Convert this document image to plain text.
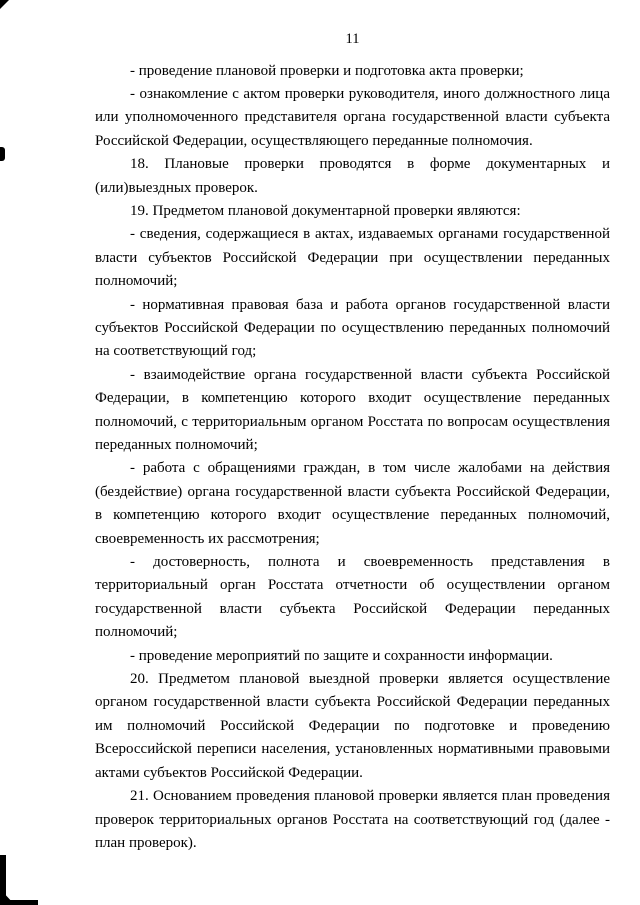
11

- проведение плановой проверки и подготовка акта проверки;

- ознакомление с актом проверки руководителя, иного должностного лица или уполномоченного представителя органа государственной власти субъекта Российской Федерации, осуществляющего переданные полномочия.

18. Плановые проверки проводятся в форме документарных и (или)выездных проверок.

19. Предметом плановой документарной проверки являются:

- сведения, содержащиеся в актах, издаваемых органами государственной власти субъектов Российской Федерации при осуществлении переданных полномочий;

- нормативная правовая база и работа органов государственной власти субъектов Российской Федерации по осуществлению переданных полномочий на соответствующий год;

- взаимодействие органа государственной власти субъекта Российской Федерации, в компетенцию которого входит осуществление переданных полномочий, с территориальным органом Росстата по вопросам осуществления переданных полномочий;

- работа с обращениями граждан, в том числе жалобами на действия (бездействие) органа государственной власти субъекта Российской Федерации, в компетенцию которого входит осуществление переданных полномочий, своевременность их рассмотрения;

- достоверность, полнота и своевременность представления в территориальный орган Росстата отчетности об осуществлении органом государственной власти субъекта Российской Федерации переданных полномочий;

- проведение мероприятий по защите и сохранности информации.

20. Предметом плановой выездной проверки является осуществление органом государственной власти субъекта Российской Федерации переданных им полномочий Российской Федерации по подготовке и проведению Всероссийской переписи населения, установленных нормативными правовыми актами субъектов Российской Федерации.

21. Основанием проведения плановой проверки является план проведения проверок территориальных органов Росстата на соответствующий год (далее - план проверок).
